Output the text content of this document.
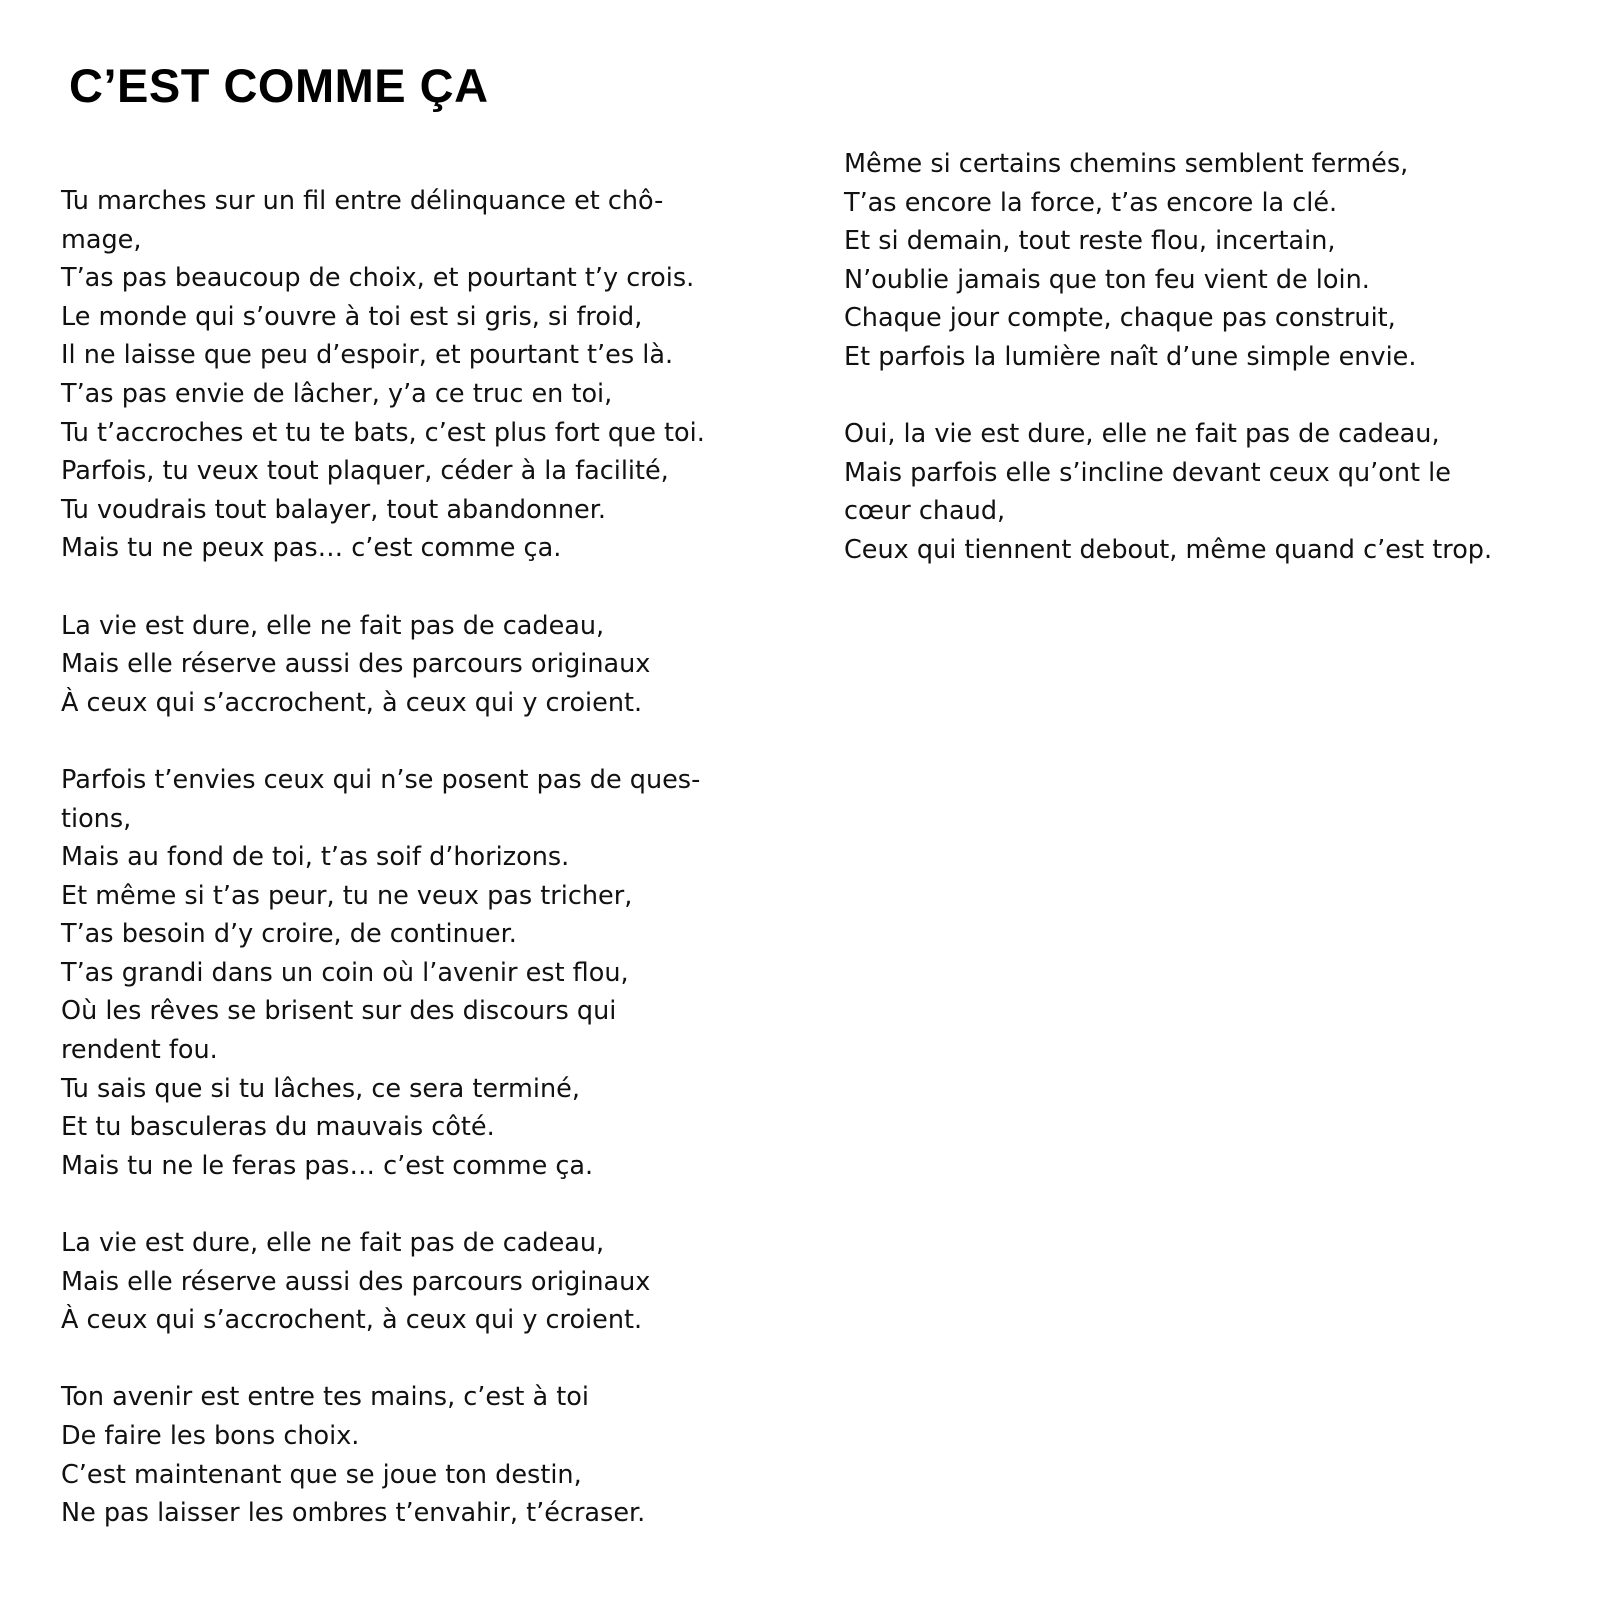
C’EST COMME ÇA
Tu marches sur un fil entre délinquance et chô-
mage,
T’as pas beaucoup de choix, et pourtant t’y crois.
Le monde qui s’ouvre à toi est si gris, si froid,
Il ne laisse que peu d’espoir, et pourtant t’es là.
T’as pas envie de lâcher, y’a ce truc en toi,
Tu t’accroches et tu te bats, c’est plus fort que toi.
Parfois, tu veux tout plaquer, céder à la facilité,
Tu voudrais tout balayer, tout abandonner.
Mais tu ne peux pas… c’est comme ça.
La vie est dure, elle ne fait pas de cadeau,
Mais elle réserve aussi des parcours originaux
À ceux qui s’accrochent, à ceux qui y croient.
Parfois t’envies ceux qui n’se posent pas de ques-
tions,
Mais au fond de toi, t’as soif d’horizons.
Et même si t’as peur, tu ne veux pas tricher,
T’as besoin d’y croire, de continuer.
T’as grandi dans un coin où l’avenir est flou,
Où les rêves se brisent sur des discours qui
rendent fou.
Tu sais que si tu lâches, ce sera terminé,
Et tu basculeras du mauvais côté.
Mais tu ne le feras pas… c’est comme ça.
La vie est dure, elle ne fait pas de cadeau,
Mais elle réserve aussi des parcours originaux
À ceux qui s’accrochent, à ceux qui y croient.
Ton avenir est entre tes mains, c’est à toi
De faire les bons choix.
C’est maintenant que se joue ton destin,
Ne pas laisser les ombres t’envahir, t’écraser.
Même si certains chemins semblent fermés,
T’as encore la force, t’as encore la clé.
Et si demain, tout reste flou, incertain,
N’oublie jamais que ton feu vient de loin.
Chaque jour compte, chaque pas construit,
Et parfois la lumière naît d’une simple envie.
Oui, la vie est dure, elle ne fait pas de cadeau,
Mais parfois elle s’incline devant ceux qu’ont le
cœur chaud,
Ceux qui tiennent debout, même quand c’est trop.
